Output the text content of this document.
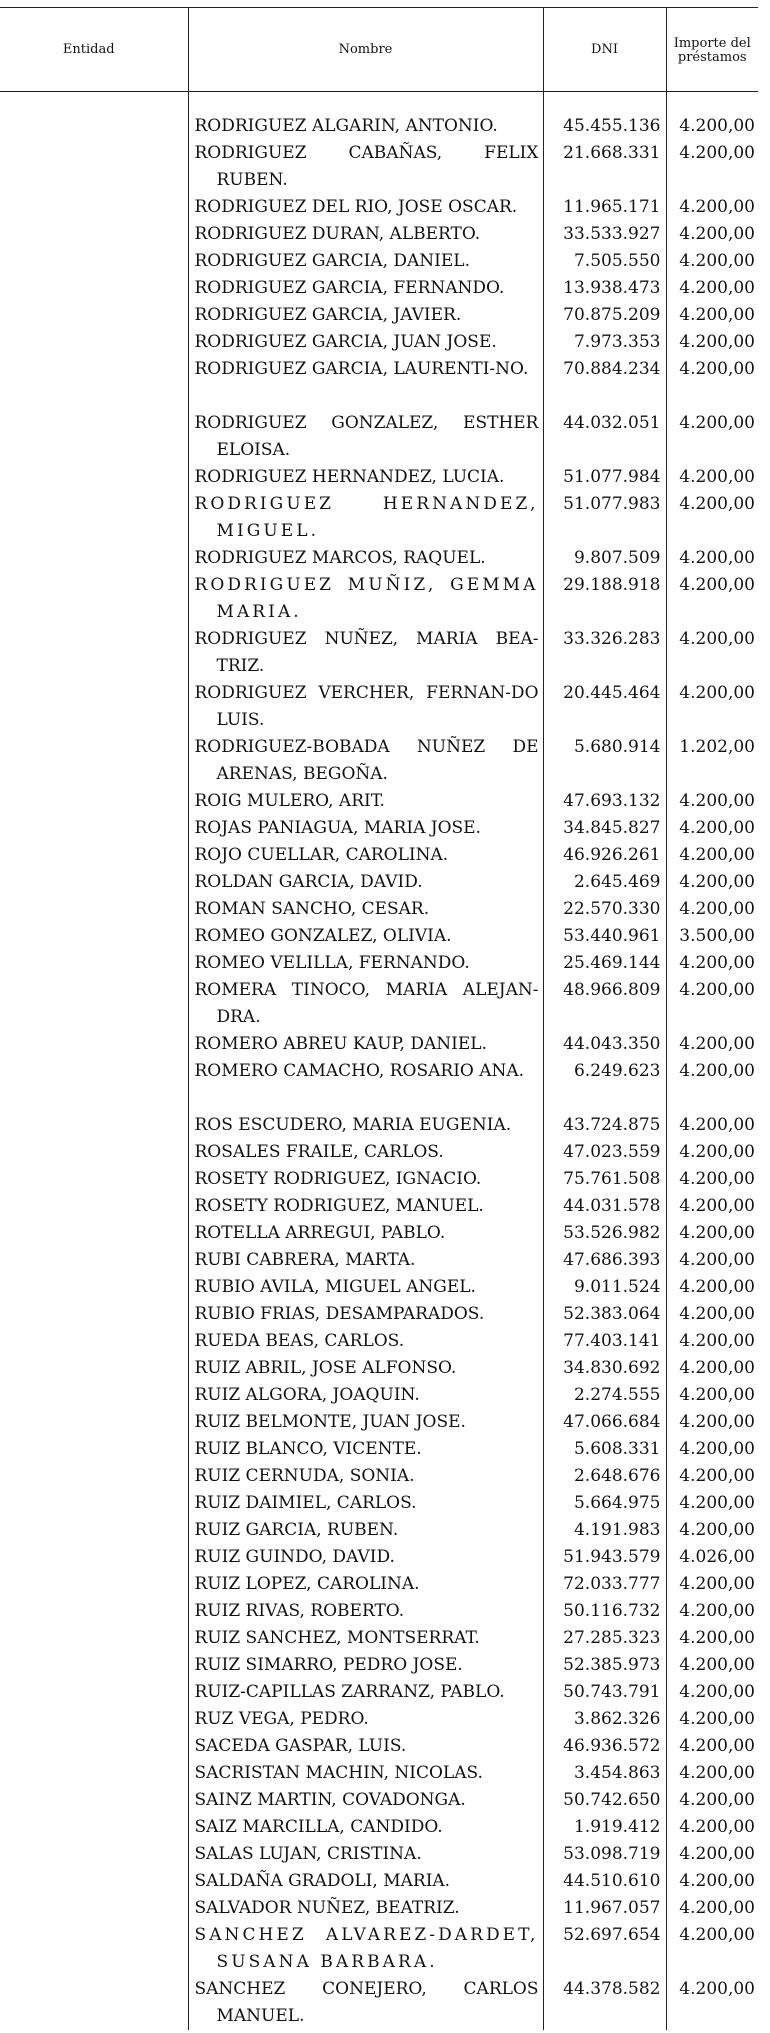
Entidad	Nombre	DNI	Importe del préstamos

	RODRIGUEZ ALGARIN, ANTONIO.	45.455.136	4.200,00

	RODRIGUEZ CABAÑAS, FELIX RUBEN.	21.668.331	4.200,00

	RODRIGUEZ DEL RIO, JOSE OSCAR.	11.965.171	4.200,00

	RODRIGUEZ DURAN, ALBERTO.	33.533.927	4.200,00

	RODRIGUEZ GARCIA, DANIEL.	7.505.550	4.200,00

	RODRIGUEZ GARCIA, FERNANDO.	13.938.473	4.200,00

	RODRIGUEZ GARCIA, JAVIER.	70.875.209	4.200,00

	RODRIGUEZ GARCIA, JUAN JOSE.	7.973.353	4.200,00

	RODRIGUEZ GARCIA, LAURENTI-NO.	70.884.234	4.200,00

	RODRIGUEZ GONZALEZ, ESTHER ELOISA.	44.032.051	4.200,00

	RODRIGUEZ HERNANDEZ, LUCIA.	51.077.984	4.200,00

	RODRIGUEZ HERNANDEZ, MIGUEL.	51.077.983	4.200,00

	RODRIGUEZ MARCOS, RAQUEL.	9.807.509	4.200,00

	RODRIGUEZ MUÑIZ, GEMMA MARIA.	29.188.918	4.200,00

	RODRIGUEZ NUÑEZ, MARIA BEA-TRIZ.	33.326.283	4.200,00

	RODRIGUEZ VERCHER, FERNAN-DO LUIS.	20.445.464	4.200,00

	RODRIGUEZ-BOBADA NUÑEZ DE ARENAS, BEGOÑA.	5.680.914	1.202,00

	ROIG MULERO, ARIT.	47.693.132	4.200,00

	ROJAS PANIAGUA, MARIA JOSE.	34.845.827	4.200,00

	ROJO CUELLAR, CAROLINA.	46.926.261	4.200,00

	ROLDAN GARCIA, DAVID.	2.645.469	4.200,00

	ROMAN SANCHO, CESAR.	22.570.330	4.200,00

	ROMEO GONZALEZ, OLIVIA.	53.440.961	3.500,00

	ROMEO VELILLA, FERNANDO.	25.469.144	4.200,00

	ROMERA TINOCO, MARIA ALEJAN-DRA.	48.966.809	4.200,00

	ROMERO ABREU KAUP, DANIEL.	44.043.350	4.200,00

	ROMERO CAMACHO, ROSARIO ANA.	6.249.623	4.200,00

	ROS ESCUDERO, MARIA EUGENIA.	43.724.875	4.200,00

	ROSALES FRAILE, CARLOS.	47.023.559	4.200,00

	ROSETY RODRIGUEZ, IGNACIO.	75.761.508	4.200,00

	ROSETY RODRIGUEZ, MANUEL.	44.031.578	4.200,00

	ROTELLA ARREGUI, PABLO.	53.526.982	4.200,00

	RUBI CABRERA, MARTA.	47.686.393	4.200,00

	RUBIO AVILA, MIGUEL ANGEL.	9.011.524	4.200,00

	RUBIO FRIAS, DESAMPARADOS.	52.383.064	4.200,00

	RUEDA BEAS, CARLOS.	77.403.141	4.200,00

	RUIZ ABRIL, JOSE ALFONSO.	34.830.692	4.200,00

	RUIZ ALGORA, JOAQUIN.	2.274.555	4.200,00

	RUIZ BELMONTE, JUAN JOSE.	47.066.684	4.200,00

	RUIZ BLANCO, VICENTE.	5.608.331	4.200,00

	RUIZ CERNUDA, SONIA.	2.648.676	4.200,00

	RUIZ DAIMIEL, CARLOS.	5.664.975	4.200,00

	RUIZ GARCIA, RUBEN.	4.191.983	4.200,00

	RUIZ GUINDO, DAVID.	51.943.579	4.026,00

	RUIZ LOPEZ, CAROLINA.	72.033.777	4.200,00

	RUIZ RIVAS, ROBERTO.	50.116.732	4.200,00

	RUIZ SANCHEZ, MONTSERRAT.	27.285.323	4.200,00

	RUIZ SIMARRO, PEDRO JOSE.	52.385.973	4.200,00

	RUIZ-CAPILLAS ZARRANZ, PABLO.	50.743.791	4.200,00

	RUZ VEGA, PEDRO.	3.862.326	4.200,00

	SACEDA GASPAR, LUIS.	46.936.572	4.200,00

	SACRISTAN MACHIN, NICOLAS.	3.454.863	4.200,00

	SAINZ MARTIN, COVADONGA.	50.742.650	4.200,00

	SAIZ MARCILLA, CANDIDO.	1.919.412	4.200,00

	SALAS LUJAN, CRISTINA.	53.098.719	4.200,00

	SALDAÑA GRADOLI, MARIA.	44.510.610	4.200,00

	SALVADOR NUÑEZ, BEATRIZ.	11.967.057	4.200,00

	SANCHEZ ALVAREZ-DARDET, SUSANA BARBARA.	52.697.654	4.200,00

	SANCHEZ CONEJERO, CARLOS MANUEL.	44.378.582	4.200,00
